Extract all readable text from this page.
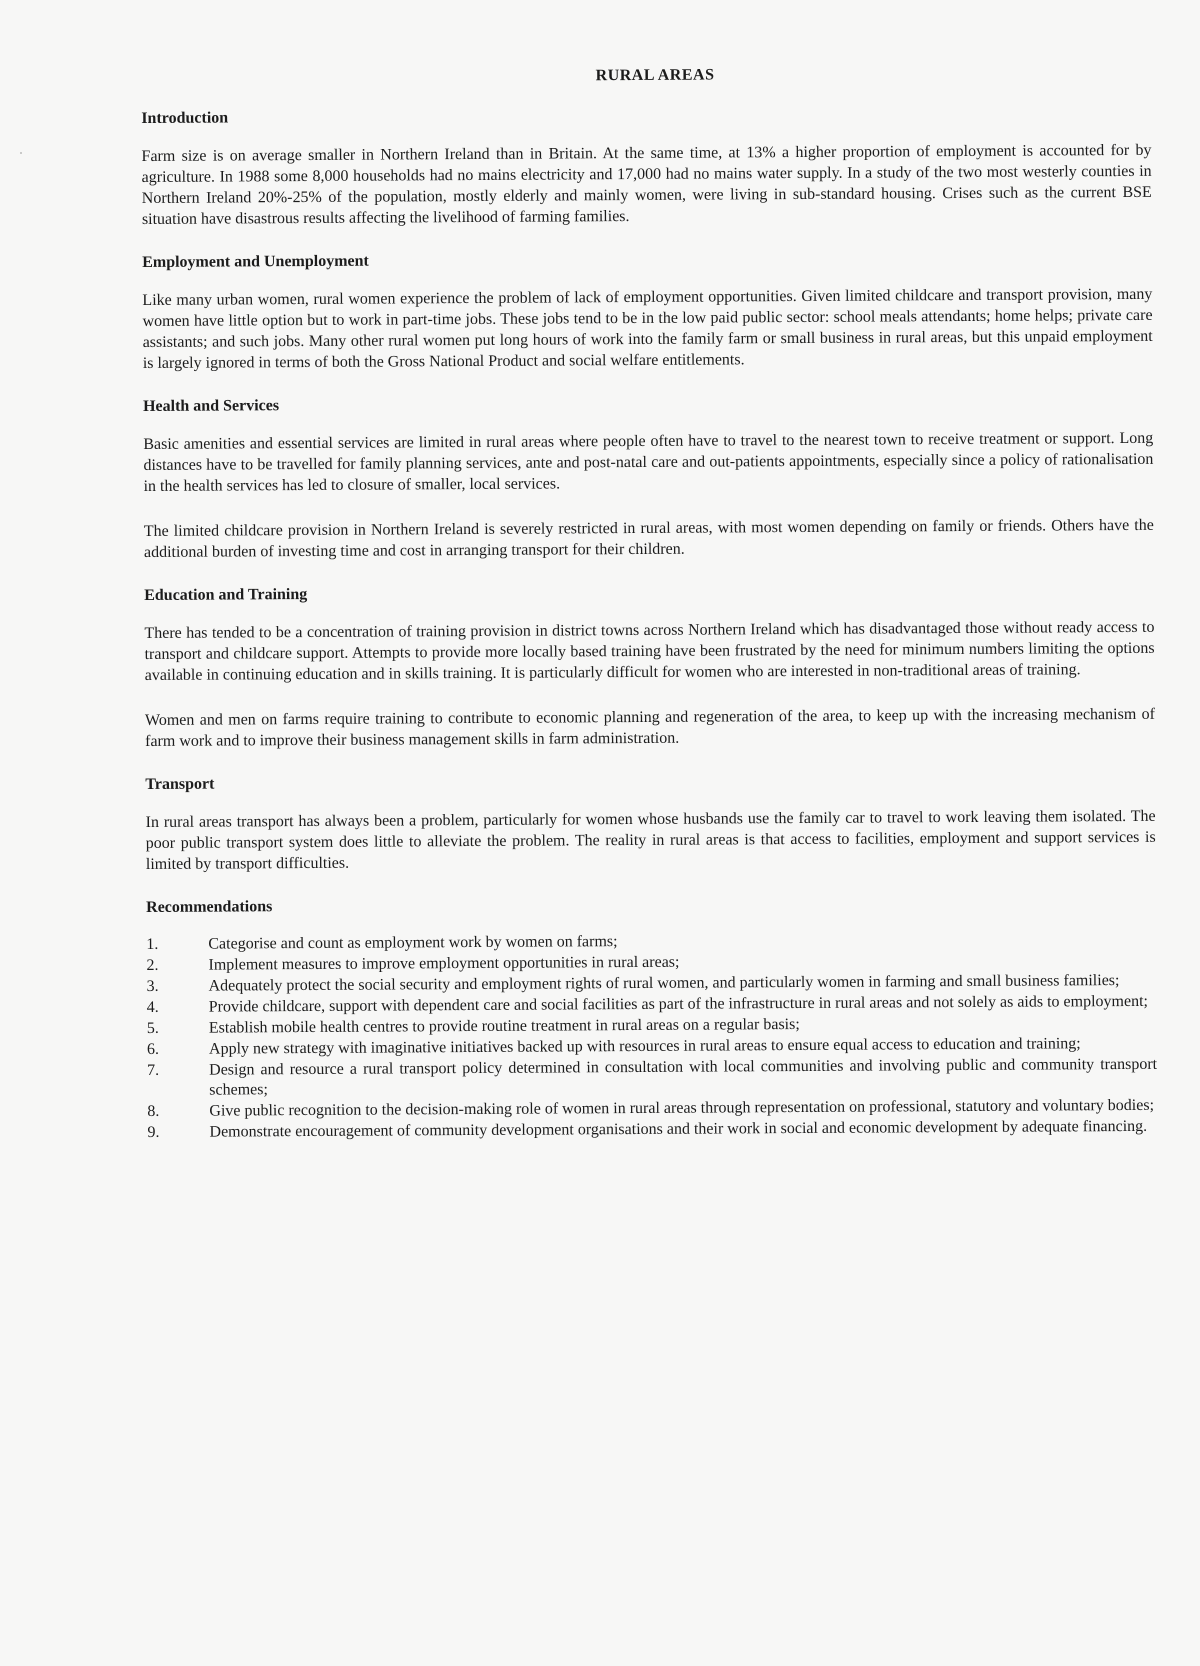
RURAL AREAS
Introduction

Farm size is on average smaller in Northern Ireland than in Britain. At the same time, at 13% a higher proportion of employment is accounted for by agriculture. In 1988 some 8,000 households had no mains electricity and 17,000 had no mains water supply. In a study of the two most westerly counties in Northern Ireland 20%-25% of the population, mostly elderly and mainly women, were living in sub-standard housing. Crises such as the current BSE situation have disastrous results affecting the livelihood of farming families.

Employment and Unemployment

Like many urban women, rural women experience the problem of lack of employment opportunities. Given limited childcare and transport provision, many women have little option but to work in part-time jobs. These jobs tend to be in the low paid public sector: school meals attendants; home helps; private care assistants; and such jobs. Many other rural women put long hours of work into the family farm or small business in rural areas, but this unpaid employment is largely ignored in terms of both the Gross National Product and social welfare entitlements.

Health and Services

Basic amenities and essential services are limited in rural areas where people often have to travel to the nearest town to receive treatment or support. Long distances have to be travelled for family planning services, ante and post-natal care and out-patients appointments, especially since a policy of rationalisation in the health services has led to closure of smaller, local services.

The limited childcare provision in Northern Ireland is severely restricted in rural areas, with most women depending on family or friends. Others have the additional burden of investing time and cost in arranging transport for their children.

Education and Training

There has tended to be a concentration of training provision in district towns across Northern Ireland which has disadvantaged those without ready access to transport and childcare support. Attempts to provide more locally based training have been frustrated by the need for minimum numbers limiting the options available in continuing education and in skills training. It is particularly difficult for women who are interested in non-traditional areas of training.

Women and men on farms require training to contribute to economic planning and regeneration of the area, to keep up with the increasing mechanism of farm work and to improve their business management skills in farm administration.

Transport

In rural areas transport has always been a problem, particularly for women whose husbands use the family car to travel to work leaving them isolated. The poor public transport system does little to alleviate the problem. The reality in rural areas is that access to facilities, employment and support services is limited by transport difficulties.

Recommendations
1.	Categorise and count as employment work by women on farms;
2.	Implement measures to improve employment opportunities in rural areas;
3.	Adequately protect the social security and employment rights of rural women, and particularly women in farming and small business families;
4.	Provide childcare, support with dependent care and social facilities as part of the infrastructure in rural areas and not solely as aids to employment;
5.	Establish mobile health centres to provide routine treatment in rural areas on a regular basis;
6.	Apply new strategy with imaginative initiatives backed up with resources in rural areas to ensure equal access to education and training;
7.	Design and resource a rural transport policy determined in consultation with local communities and involving public and community transport schemes;
8.	Give public recognition to the decision-making role of women in rural areas through representation on professional, statutory and voluntary bodies;
9.	Demonstrate encouragement of community development organisations and their work in social and economic development by adequate financing.
